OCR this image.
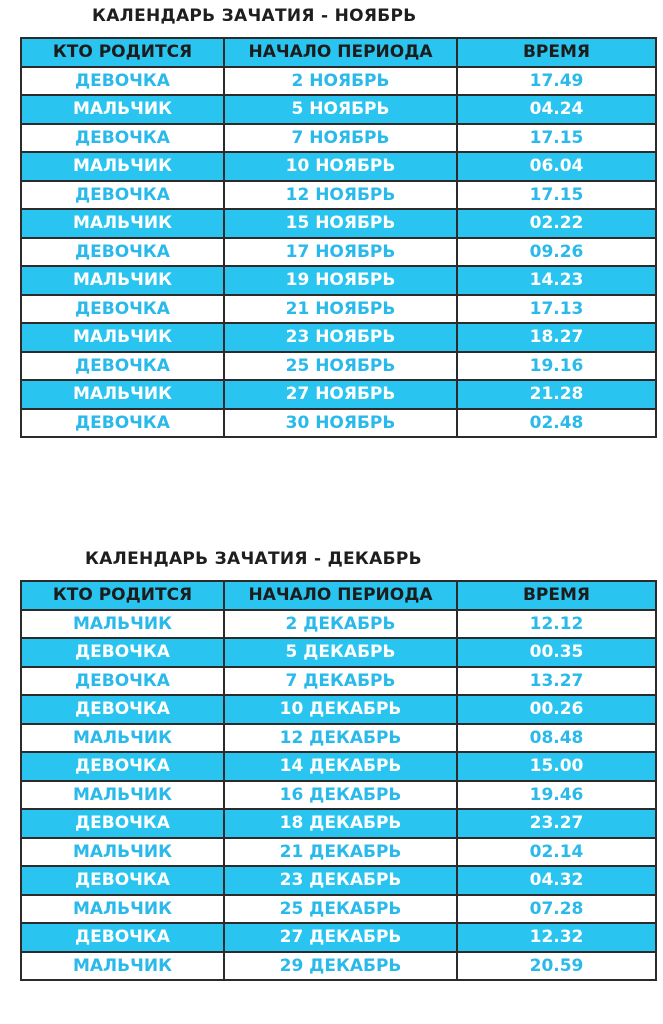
КАЛЕНДАРЬ ЗАЧАТИЯ - НОЯБРЬ
КТО РОДИТСЯ	НАЧАЛО ПЕРИОДА	ВРЕМЯ
ДЕВОЧКА	2 НОЯБРЬ	17.49
МАЛЬЧИК	5 НОЯБРЬ	04.24
ДЕВОЧКА	7 НОЯБРЬ	17.15
МАЛЬЧИК	10 НОЯБРЬ	06.04
ДЕВОЧКА	12 НОЯБРЬ	17.15
МАЛЬЧИК	15 НОЯБРЬ	02.22
ДЕВОЧКА	17 НОЯБРЬ	09.26
МАЛЬЧИК	19 НОЯБРЬ	14.23
ДЕВОЧКА	21 НОЯБРЬ	17.13
МАЛЬЧИК	23 НОЯБРЬ	18.27
ДЕВОЧКА	25 НОЯБРЬ	19.16
МАЛЬЧИК	27 НОЯБРЬ	21.28
ДЕВОЧКА	30 НОЯБРЬ	02.48
КАЛЕНДАРЬ ЗАЧАТИЯ - ДЕКАБРЬ
КТО РОДИТСЯ	НАЧАЛО ПЕРИОДА	ВРЕМЯ
МАЛЬЧИК	2 ДЕКАБРЬ	12.12
ДЕВОЧКА	5 ДЕКАБРЬ	00.35
ДЕВОЧКА	7 ДЕКАБРЬ	13.27
ДЕВОЧКА	10 ДЕКАБРЬ	00.26
МАЛЬЧИК	12 ДЕКАБРЬ	08.48
ДЕВОЧКА	14 ДЕКАБРЬ	15.00
МАЛЬЧИК	16 ДЕКАБРЬ	19.46
ДЕВОЧКА	18 ДЕКАБРЬ	23.27
МАЛЬЧИК	21 ДЕКАБРЬ	02.14
ДЕВОЧКА	23 ДЕКАБРЬ	04.32
МАЛЬЧИК	25 ДЕКАБРЬ	07.28
ДЕВОЧКА	27 ДЕКАБРЬ	12.32
МАЛЬЧИК	29 ДЕКАБРЬ	20.59
